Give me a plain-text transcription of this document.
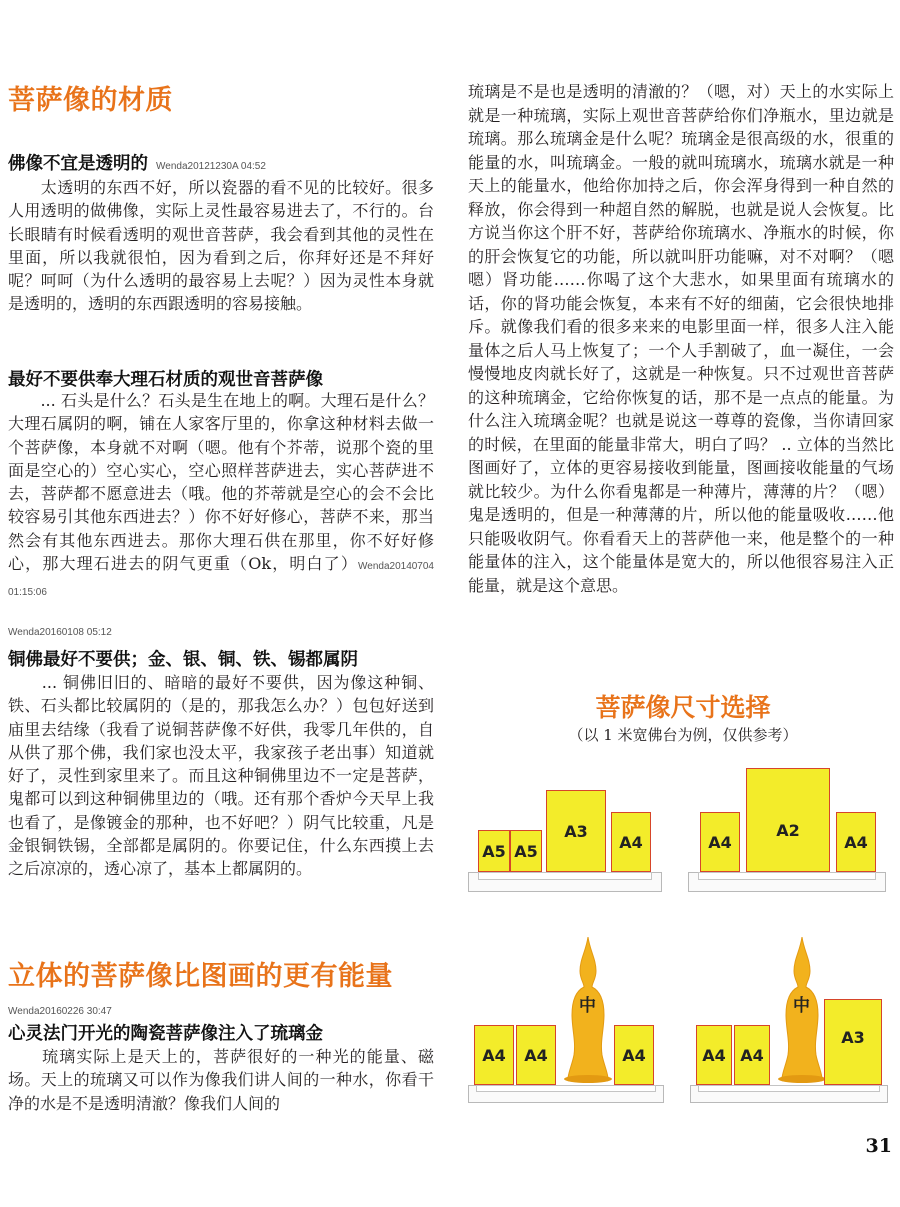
菩萨像的材质
佛像不宜是透明的 Wenda20121230A 04:52
　　太透明的东西不好，所以瓷器的看不见的比较好。很多人用透明的做佛像，实际上灵性最容易进去了，不行的。台长眼睛有时候看透明的观世音菩萨，我会看到其他的灵性在里面，所以我就很怕，因为看到之后，你拜好还是不拜好呢？呵呵（为什么透明的最容易上去呢？）因为灵性本身就是透明的，透明的东西跟透明的容易接触。
最好不要供奉大理石材质的观世音菩萨像
　　... 石头是什么？石头是生在地上的啊。大理石是什么？大理石属阴的啊，铺在人家客厅里的，你拿这种材料去做一个菩萨像，本身就不对啊（嗯。他有个芥蒂，说那个瓷的里面是空心的）空心实心，空心照样菩萨进去，实心菩萨进不去，菩萨都不愿意进去（哦。他的芥蒂就是空心的会不会比较容易引其他东西进去？）你不好好修心，菩萨不来，那当然会有其他东西进去。那你大理石供在那里，你不好好修心，那大理石进去的阴气更重（Ok，明白了）Wenda20140704 01:15:06
Wenda20160108 05:12
铜佛最好不要供；金、银、铜、铁、锡都属阴
　　... 铜佛旧旧的、暗暗的最好不要供，因为像这种铜、铁、石头都比较属阴的（是的，那我怎么办？）包包好送到庙里去结缘（我看了说铜菩萨像不好供，我零几年供的，自从供了那个佛，我们家也没太平，我家孩子老出事）知道就好了，灵性到家里来了。而且这种铜佛里边不一定是菩萨，鬼都可以到这种铜佛里边的（哦。还有那个香炉今天早上我也看了，是像镀金的那种，也不好吧？）阴气比较重，凡是金银铜铁锡，全部都是属阴的。你要记住，什么东西摸上去之后凉凉的，透心凉了，基本上都属阴的。
立体的菩萨像比图画的更有能量
Wenda20160226 30:47
心灵法门开光的陶瓷菩萨像注入了琉璃金
　　琉璃实际上是天上的，菩萨很好的一种光的能量、磁场。天上的琉璃又可以作为像我们讲人间的一种水，你看干净的水是不是透明清澈？像我们人间的
琉璃是不是也是透明的清澈的？（嗯，对）天上的水实际上就是一种琉璃，实际上观世音菩萨给你们净瓶水，里边就是琉璃。那么琉璃金是什么呢？琉璃金是很高级的水，很重的能量的水，叫琉璃金。一般的就叫琉璃水，琉璃水就是一种天上的能量水，他给你加持之后，你会浑身得到一种自然的释放，你会得到一种超自然的解脱，也就是说人会恢复。比方说当你这个肝不好，菩萨给你琉璃水、净瓶水的时候，你的肝会恢复它的功能，所以就叫肝功能嘛，对不对啊？（嗯嗯）肾功能……你喝了这个大悲水，如果里面有琉璃水的话，你的肾功能会恢复，本来有不好的细菌，它会很快地排斥。就像我们看的很多来来的电影里面一样，很多人注入能量体之后人马上恢复了；一个人手割破了，血一凝住，一会慢慢地皮肉就长好了，这就是一种恢复。只不过观世音菩萨的这种琉璃金，它给你恢复的话，那不是一点点的能量。为什么注入琉璃金呢？也就是说这一尊尊的瓷像，当你请回家的时候，在里面的能量非常大，明白了吗？ .. 立体的当然比图画好了，立体的更容易接收到能量，图画接收能量的气场就比较少。为什么你看鬼都是一种薄片，薄薄的片？（嗯）鬼是透明的，但是一种薄薄的片，所以他的能量吸收……他只能吸收阴气。你看看天上的菩萨他一来，他是整个的一种能量体的注入，这个能量体是宽大的，所以他很容易注入正能量，就是这个意思。
菩萨像尺寸选择
（以 1 米宽佛台为例，仅供参考）
A5 A5
A3
A4	A4
A2
A4
A4	A4
中
A4	A4 A4
中
A3
31
